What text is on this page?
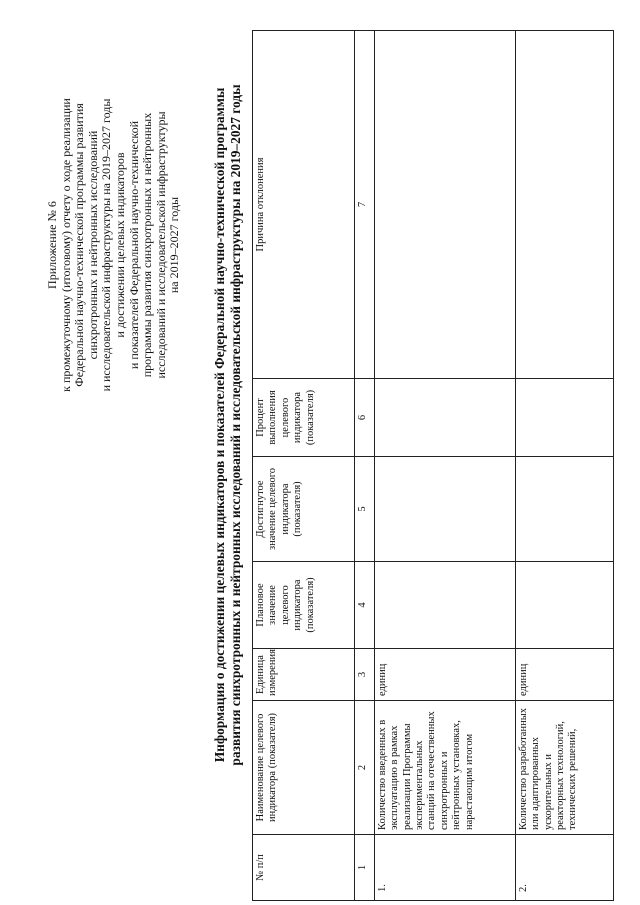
Приложение № 6 к промежуточному (итоговому) отчету о ходе реализации Федеральной научно-технической программы развития синхротронных и нейтронных исследований и исследовательской инфраструктуры на 2019–2027 годы и достижении целевых индикаторов и показателей Федеральной научно-технической программы развития синхротронных и нейтронных исследований и исследовательской инфраструктуры на 2019–2027 годы Информация о достижении целевых индикаторов и показателей Федеральной научно-технической программы развития синхротронных и нейтронных исследований и исследовательской инфраструктуры на 2019–2027 годы
№ п/п	Наименование целевого индикатора (показателя)	Единица измерения	Плановое значение целевого индикатора (показателя)	Достигнутое значение целевого индикатора (показателя)	Процент выполнения целевого индикатора (показателя)	Причина отклонения
1	2	3	4	5	6	7
1.	Количество введенных в эксплуатацию в рамках реализации Программы экспериментальных станций на отечественных синхротронных и нейтронных установках, нарастающим итогом	единиц				
2.	Количество разработанных или адаптированных ускорительных и реакторных технологий, технических решений,	единиц				
